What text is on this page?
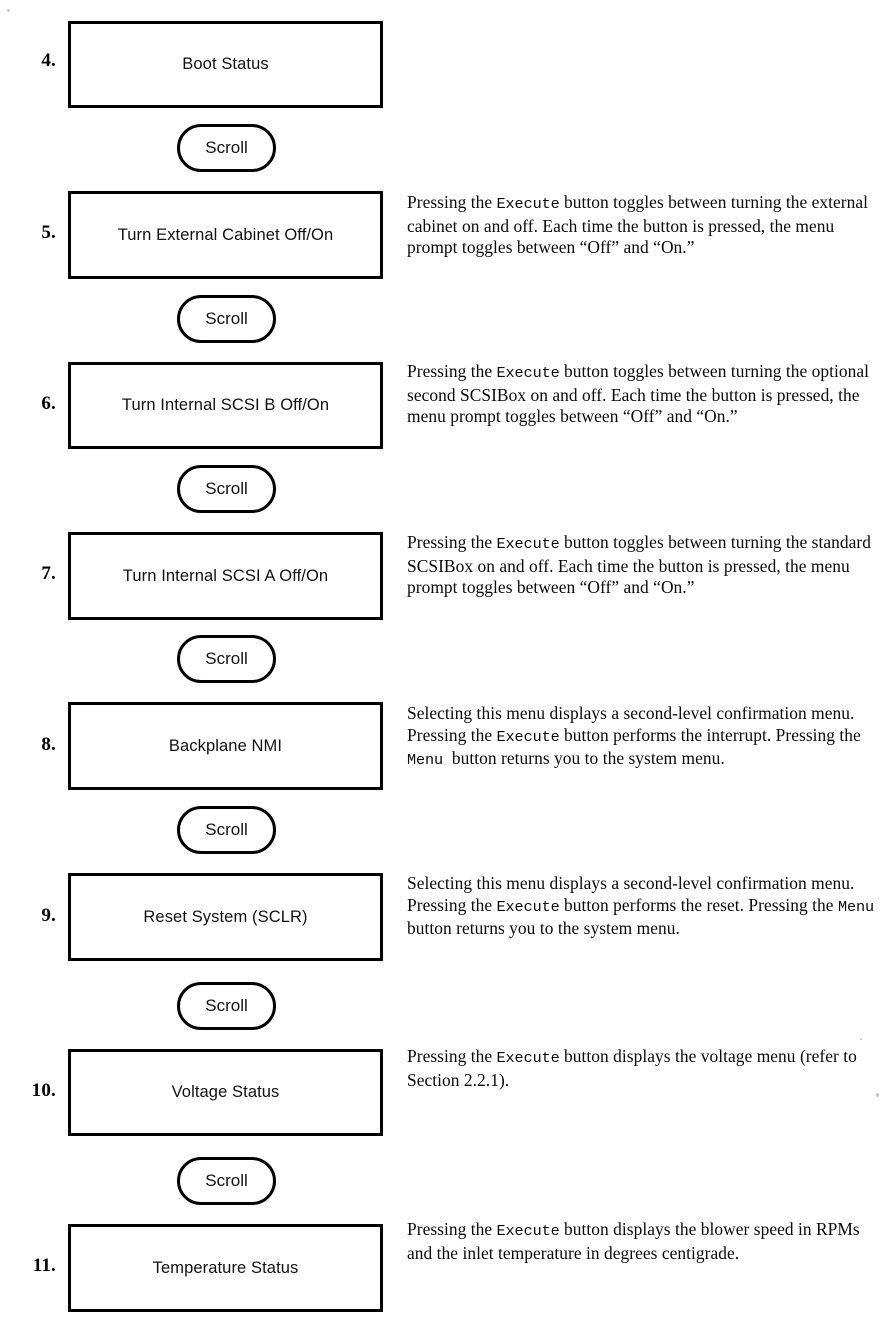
4.	Boot Status
Scroll
5.	Turn External Cabinet Off/On
Scroll
Pressing the Execute button toggles between turning the external cabinet on and off. Each time the button is pressed, the menu prompt toggles between “Off” and “On.”
6.	Turn Internal SCSI B Off/On
Scroll
Pressing the Execute button toggles between turning the optional second SCSIBox on and off. Each time the button is pressed, the menu prompt toggles between “Off” and “On.”
7.	Turn Internal SCSI A Off/On
Scroll
Pressing the Execute button toggles between turning the standard SCSIBox on and off. Each time the button is pressed, the menu prompt toggles between “Off” and “On.”
8.	Backplane NMI
Scroll
Selecting this menu displays a second-level confirmation menu. Pressing the Execute button performs the interrupt. Pressing the Menu  button returns you to the system menu.
9.	Reset System (SCLR)
Scroll
Selecting this menu displays a second-level confirmation menu. Pressing the Execute button performs the reset. Pressing the Menu  button returns you to the system menu.
10.	Voltage Status
Scroll
Pressing the Execute button displays the voltage menu (refer to Section 2.2.1).
11.	Temperature Status
Pressing the Execute button displays the blower speed in RPMs and the inlet temperature in degrees centigrade.
